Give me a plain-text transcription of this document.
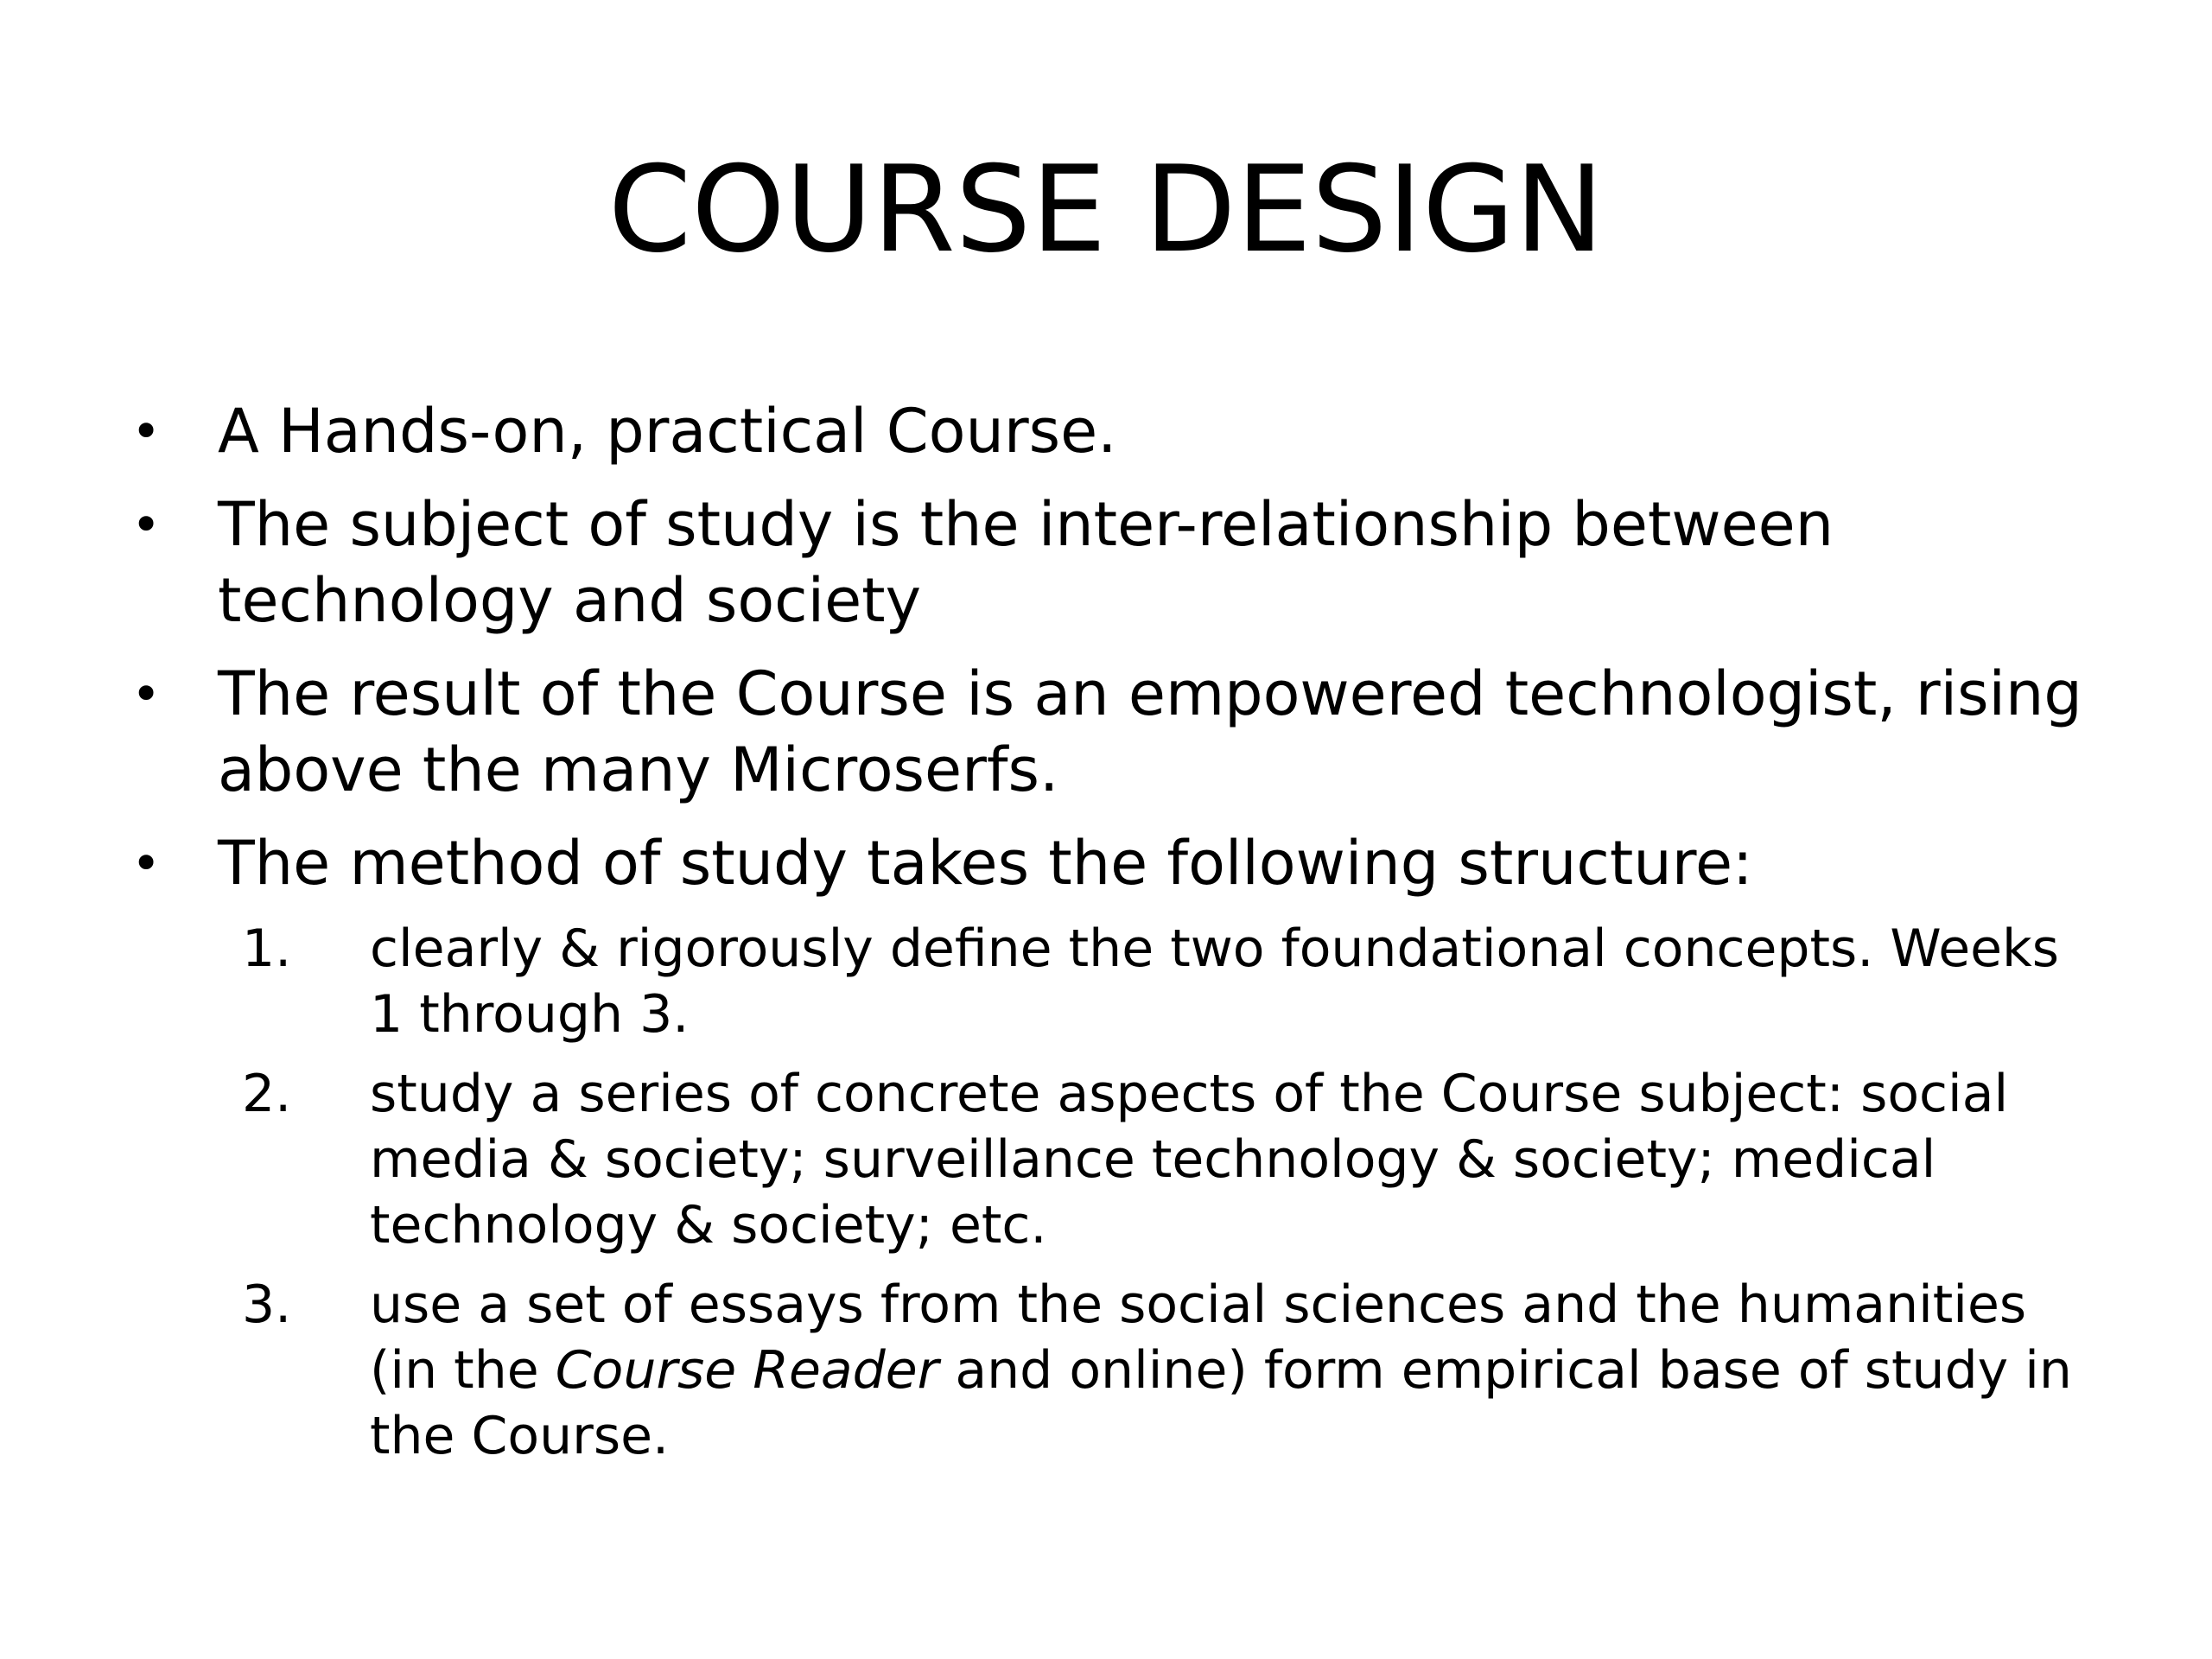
COURSE DESIGN
• A Hands-on, practical Course.
• The subject of study is the inter-relationship between technology and society
• The result of the Course is an empowered technologist, rising above the many Microserfs.
• The method of study takes the following structure:
1.	clearly & rigorously define the two foundational concepts. Weeks 1 through 3.
2.	study a series of concrete aspects of the Course subject: social media & society; surveillance technology & society; medical technology & society; etc.
3.	use a set of essays from the social sciences and the humanities (in the Course Reader and online) form empirical base of study in the Course.
